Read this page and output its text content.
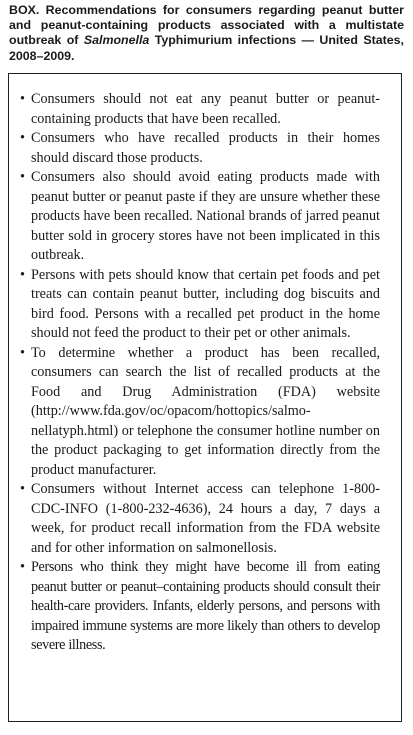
BOX. Recommendations for consumers regarding peanut butter and peanut-containing products associated with a multistate outbreak of Salmonella Typhimurium infections — United States, 2008–2009.

• Consumers should not eat any peanut butter or peanut-containing products that have been recalled.
• Consumers who have recalled products in their homes should discard those products.
• Consumers also should avoid eating products made with peanut butter or peanut paste if they are unsure whether these products have been recalled. National brands of jarred peanut butter sold in grocery stores have not been implicated in this outbreak.
• Persons with pets should know that certain pet foods and pet treats can contain peanut butter, including dog biscuits and bird food. Persons with a recalled pet product in the home should not feed the product to their pet or other animals.
• To determine whether a product has been recalled, consumers can search the list of recalled products at the Food and Drug Administration (FDA) website (http://www.fda.gov/oc/opacom/hottopics/salmo-nellatyph.html) or telephone the consumer hotline number on the product packaging to get information directly from the product manufacturer.
• Consumers without Internet access can telephone 1-800-CDC-INFO (1-800-232-4636), 24 hours a day, 7 days a week, for product recall information from the FDA website and for other information on salmonellosis.
• Persons who think they might have become ill from eating peanut butter or peanut–containing products should consult their health-care providers. Infants, elderly persons, and persons with impaired immune systems are more likely than others to develop severe illness.
